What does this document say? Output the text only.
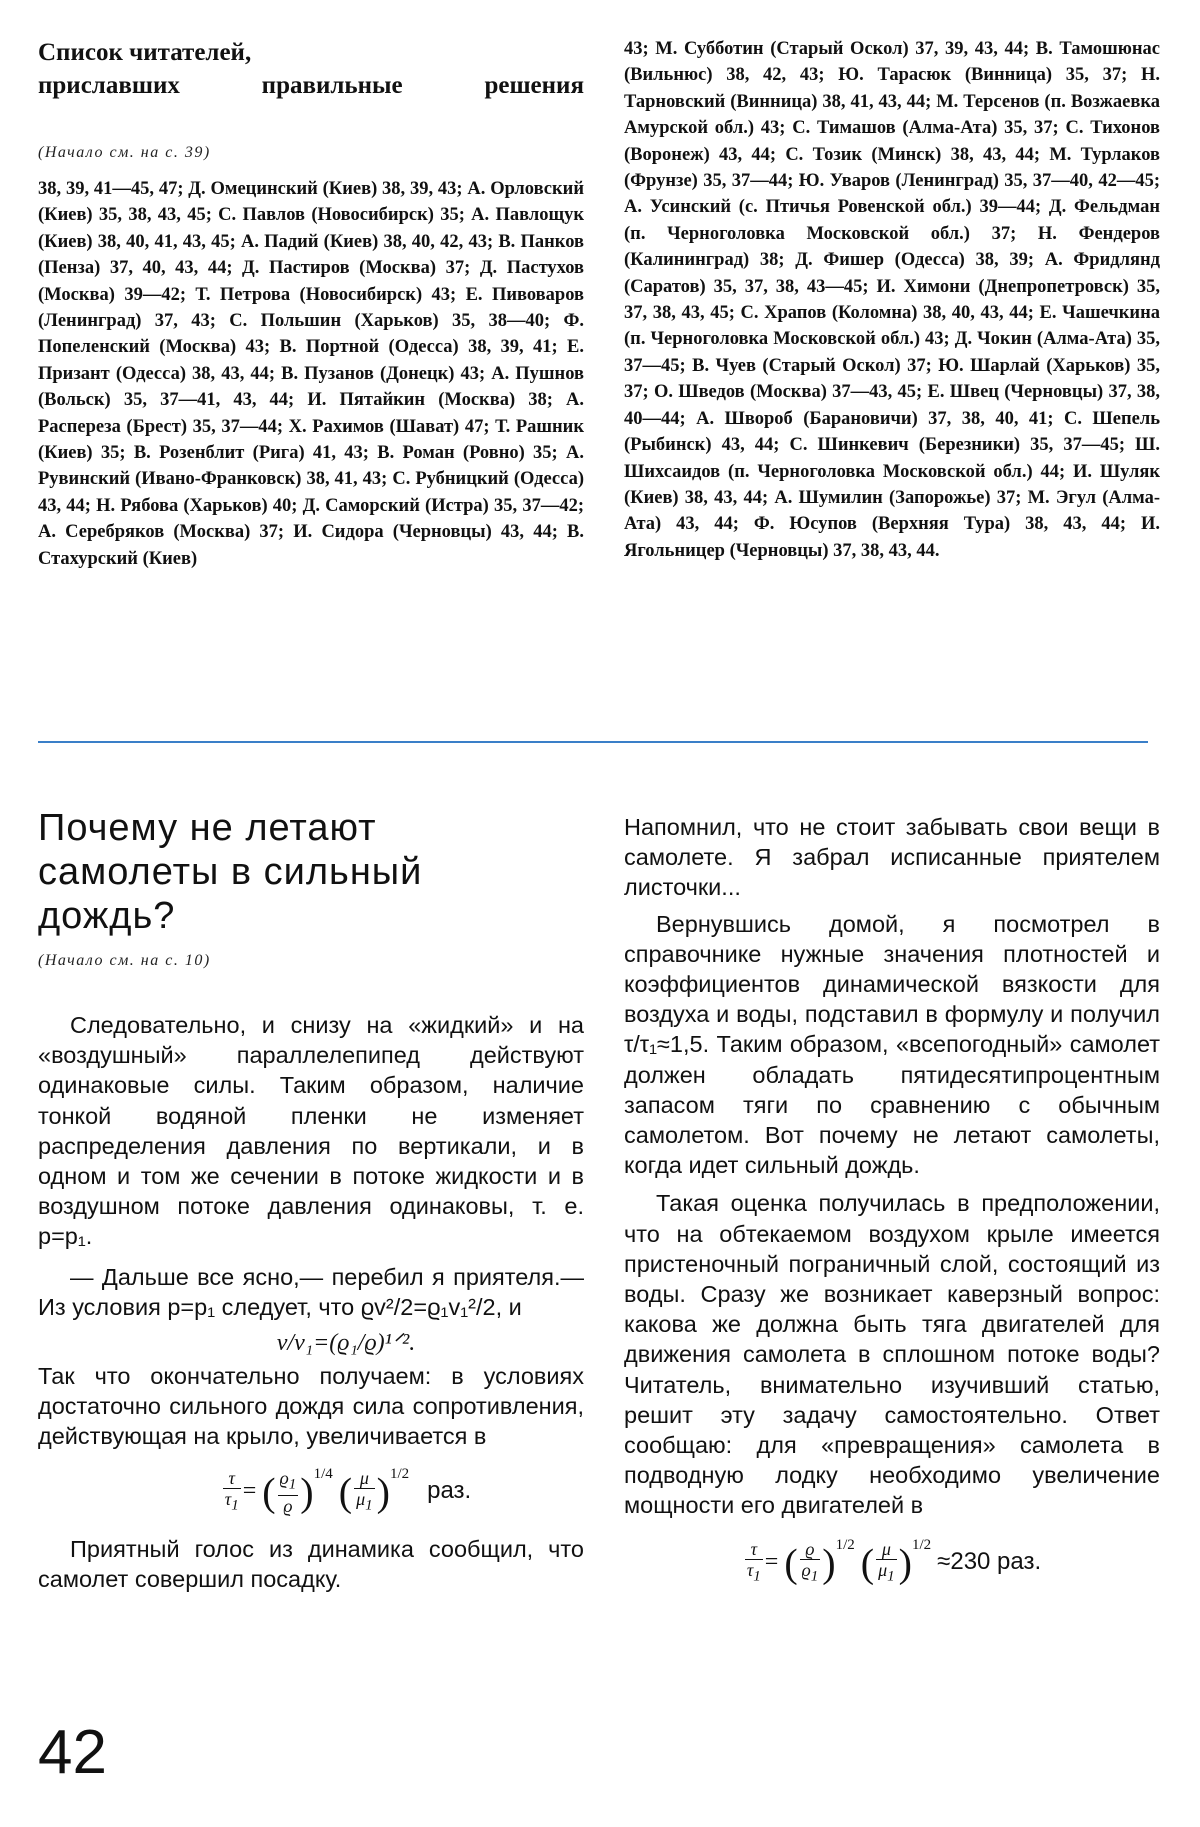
Список читателей,
приславших правильные решения
(Начало см. на с. 39)

38, 39, 41—45, 47; Д. Омецинский (Киев) 38, 39, 43; А. Орловский (Киев) 35, 38, 43, 45; С. Павлов (Новосибирск) 35; А. Павлощук (Киев) 38, 40, 41, 43, 45; А. Падий (Киев) 38, 40, 42, 43; В. Панков (Пенза) 37, 40, 43, 44; Д. Пастиров (Москва) 37; Д. Пастухов (Москва) 39—42; Т. Петрова (Новосибирск) 43; Е. Пивоваров (Ленинград) 37, 43; С. Польшин (Харьков) 35, 38—40; Ф. Попеленский (Москва) 43; В. Портной (Одесса) 38, 39, 41; Е. Призант (Одесса) 38, 43, 44; В. Пузанов (Донецк) 43; А. Пушнов (Вольск) 35, 37—41, 43, 44; И. Пятайкин (Москва) 38; А. Распереза (Брест) 35, 37—44; Х. Рахимов (Шават) 47; Т. Рашник (Киев) 35; В. Розенблит (Рига) 41, 43; В. Роман (Ровно) 35; А. Рувинский (Ивано-Франковск) 38, 41, 43; С. Рубницкий (Одесса) 43, 44; Н. Рябова (Харьков) 40; Д. Саморский (Истра) 35, 37—42; А. Серебряков (Москва) 37; И. Сидора (Черновцы) 43, 44; В. Стахурский (Киев)

43; М. Субботин (Старый Оскол) 37, 39, 43, 44; В. Тамошюнас (Вильнюс) 38, 42, 43; Ю. Тарасюк (Винница) 35, 37; Н. Тарновский (Винница) 38, 41, 43, 44; М. Терсенов (п. Возжаевка Амурской обл.) 43; С. Тимашов (Алма-Ата) 35, 37; С. Тихонов (Воронеж) 43, 44; С. Тозик (Минск) 38, 43, 44; М. Турлаков (Фрунзе) 35, 37—44; Ю. Уваров (Ленинград) 35, 37—40, 42—45; А. Усинский (с. Птичья Ровенской обл.) 39—44; Д. Фельдман (п. Черноголовка Московской обл.) 37; Н. Фендеров (Калининград) 38; Д. Фишер (Одесса) 38, 39; А. Фридлянд (Саратов) 35, 37, 38, 43—45; И. Химони (Днепропетровск) 35, 37, 38, 43, 45; С. Храпов (Коломна) 38, 40, 43, 44; Е. Чашечкина (п. Черноголовка Московской обл.) 43; Д. Чокин (Алма-Ата) 35, 37—45; В. Чуев (Старый Оскол) 37; Ю. Шарлай (Харьков) 35, 37; О. Шведов (Москва) 37—43, 45; Е. Швец (Черновцы) 37, 38, 40—44; А. Швороб (Барановичи) 37, 38, 40, 41; С. Шепель (Рыбинск) 43, 44; С. Шинкевич (Березники) 35, 37—45; Ш. Шихсаидов (п. Черноголовка Московской обл.) 44; И. Шуляк (Киев) 38, 43, 44; А. Шумилин (Запорожье) 37; М. Эгул (Алма-Ата) 43, 44; Ф. Юсупов (Верхняя Тура) 38, 43, 44; И. Ягольницер (Черновцы) 37, 38, 43, 44.

Почему не летают самолеты в сильный дождь?
(Начало см. на с. 10)

Следовательно, и снизу на «жидкий» и на «воздушный» параллелепипед действуют одинаковые силы. Таким образом, наличие тонкой водяной пленки не изменяет распределения давления по вертикали, и в одном и том же сечении в потоке жидкости и в воздушном потоке давления одинаковы, т. е. p=p₁.

— Дальше все ясно,— перебил я приятеля.— Из условия p=p₁ следует, что ϱv²/2=ϱ₁v₁²/2, и

v/v₁=(ϱ₁/ϱ)¹ᐟ².

Так что окончательно получаем: в условиях достаточно сильного дождя сила сопротивления, действующая на крыло, увеличивается в

$\frac{\tau}{\tau_1}$ = ( $\frac{ϱ_1}{ϱ} )^{1/4}$ ( $\frac{\mu}{\mu_1} )^{1/2}$   раз.

Приятный голос из динамика сообщил, что самолет совершил посадку.

Напомнил, что не стоит забывать свои вещи в самолете. Я забрал исписанные приятелем листочки...

Вернувшись домой, я посмотрел в справочнике нужные значения плотностей и коэффициентов динамической вязкости для воздуха и воды, подставил в формулу и получил τ/τ₁≈1,5. Таким образом, «всепогодный» самолет должен обладать пятидесятипроцентным запасом тяги по сравнению с обычным самолетом. Вот почему не летают самолеты, когда идет сильный дождь.

Такая оценка получилась в предположении, что на обтекаемом воздухом крыле имеется пристеночный пограничный слой, состоящий из воды. Сразу же возникает каверзный вопрос: какова же должна быть тяга двигателей для движения самолета в сплошном потоке воды? Читатель, внимательно изучивший статью, решит эту задачу самостоятельно. Ответ сообщаю: для «превращения» самолета в подводную лодку необходимо увеличение мощности его двигателей в

$\frac{\tau}{\tau_1}$ = ( $\frac{ϱ}{ϱ_1} )^{1/2}$ ( $\frac{\mu}{\mu_1} )^{1/2} \approx 230$ раз.
42
